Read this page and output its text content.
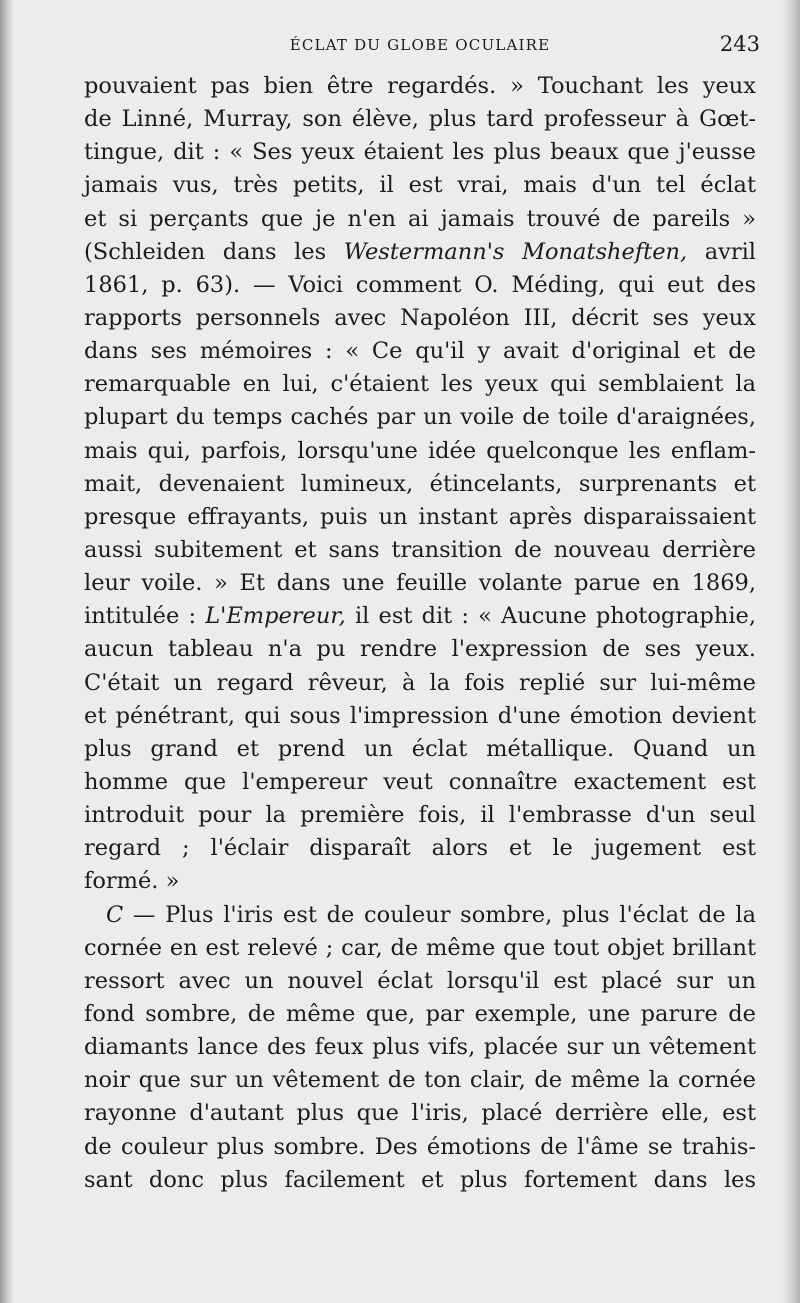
ÉCLAT DU GLOBE OCULAIRE	243
pouvaient pas bien être regardés. » Touchant les yeux
de Linné, Murray, son élève, plus tard professeur à Gœt-
tingue, dit : « Ses yeux étaient les plus beaux que j'eusse
jamais vus, très petits, il est vrai, mais d'un tel éclat
et si perçants que je n'en ai jamais trouvé de pareils »
(Schleiden dans les Westermann's Monatsheften, avril
1861, p. 63). — Voici comment O. Méding, qui eut des
rapports personnels avec Napoléon III, décrit ses yeux
dans ses mémoires : « Ce qu'il y avait d'original et de
remarquable en lui, c'étaient les yeux qui semblaient la
plupart du temps cachés par un voile de toile d'araignées,
mais qui, parfois, lorsqu'une idée quelconque les enflam-
mait, devenaient lumineux, étincelants, surprenants et
presque effrayants, puis un instant après disparaissaient
aussi subitement et sans transition de nouveau derrière
leur voile. » Et dans une feuille volante parue en 1869,
intitulée : L'Empereur, il est dit : « Aucune photographie,
aucun tableau n'a pu rendre l'expression de ses yeux.
C'était un regard rêveur, à la fois replié sur lui-même
et pénétrant, qui sous l'impression d'une émotion devient
plus grand et prend un éclat métallique. Quand un
homme que l'empereur veut connaître exactement est
introduit pour la première fois, il l'embrasse d'un seul
regard ; l'éclair disparaît alors et le jugement est
formé. »
C — Plus l'iris est de couleur sombre, plus l'éclat de la
cornée en est relevé ; car, de même que tout objet brillant
ressort avec un nouvel éclat lorsqu'il est placé sur un
fond sombre, de même que, par exemple, une parure de
diamants lance des feux plus vifs, placée sur un vêtement
noir que sur un vêtement de ton clair, de même la cornée
rayonne d'autant plus que l'iris, placé derrière elle, est
de couleur plus sombre. Des émotions de l'âme se trahis-
sant donc plus facilement et plus fortement dans les
